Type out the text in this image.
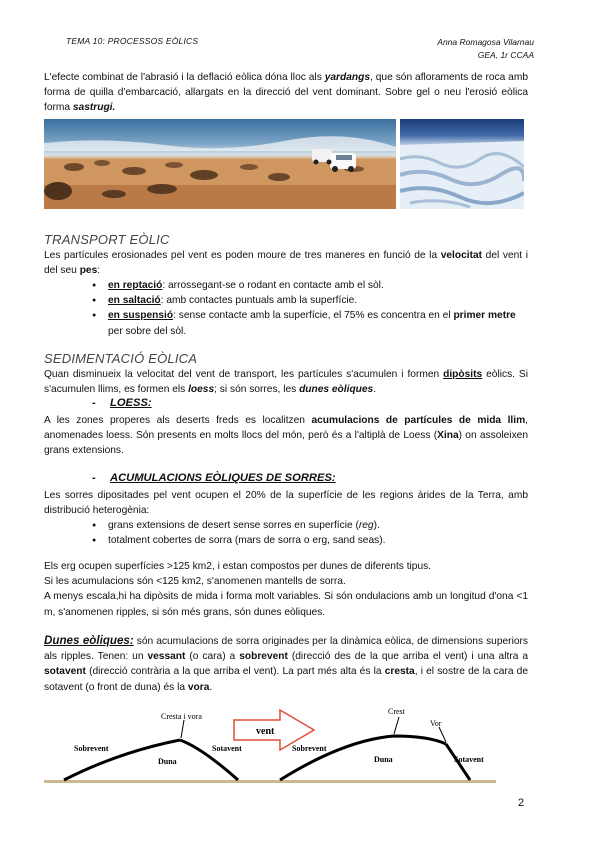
TEMA 10: PROCESSOS EÒLICS	Anna Romagosa Vilarnau
GEA, 1r CCAA
L'efecte combinat de l'abrasió i la deflació eòlica dóna lloc als yardangs, que són afloraments de roca amb forma de quilla d'embarcació, allargats en la direcció del vent dominant. Sobre gel o neu l'erosió eòlica forma sastrugi.
TRANSPORT EÒLIC
Les partícules erosionades pel vent es poden moure de tres maneres en funció de la velocitat del vent i del seu pes:
● en reptació: arrossegant-se o rodant en contacte amb el sòl.
● en saltació: amb contactes puntuals amb la superfície.
● en suspensió: sense contacte amb la superfície, el 75% es concentra en el primer metre per sobre del sòl.
SEDIMENTACIÓ EÒLICA
Quan disminueix la velocitat del vent de transport, les partícules s'acumulen i formen dipòsits eòlics. Si s'acumulen llims, es formen els loess; si són sorres, les dunes eòliques.
- LOESS:
A les zones properes als deserts freds es localitzen acumulacions de partícules de mida llim, anomenades loess. Són presents en molts llocs del món, però és a l'altiplà de Loess (Xina) on assoleixen grans extensions.
- ACUMULACIONS EÒLIQUES DE SORRES:
Les sorres dipositades pel vent ocupen el 20% de la superfície de les regions àrides de la Terra, amb distribució heterogènia:
● grans extensions de desert sense sorres en superfície (reg).
● totalment cobertes de sorra (mars de sorra o erg, sand seas).
Els erg ocupen superfícies >125 km2, i estan compostos per dunes de diferents tipus.
Si les acumulacions són <125 km2, s'anomenen mantells de sorra.
A menys escala,hi ha dipòsits de mida i forma molt variables. Si són ondulacions amb un longitud d'ona <1 m, s'anomenen ripples, si són més grans, són dunes eòliques.
Dunes eòliques: són acumulacions de sorra originades per la dinàmica eòlica, de dimensions superiors als ripples. Tenen: un vessant (o cara) a sobrevent (direcció des de la que arriba el vent) i una altra a sotavent (direcció contrària a la que arriba el vent). La part més alta és la cresta, i el sostre de la cara de sotavent (o front de duna) és la vora.
Cresta i vora
Sobrevent
Duna
Sotavent
vent
Crest
Vor
Sobrevent
Duna	Sotavent
2
